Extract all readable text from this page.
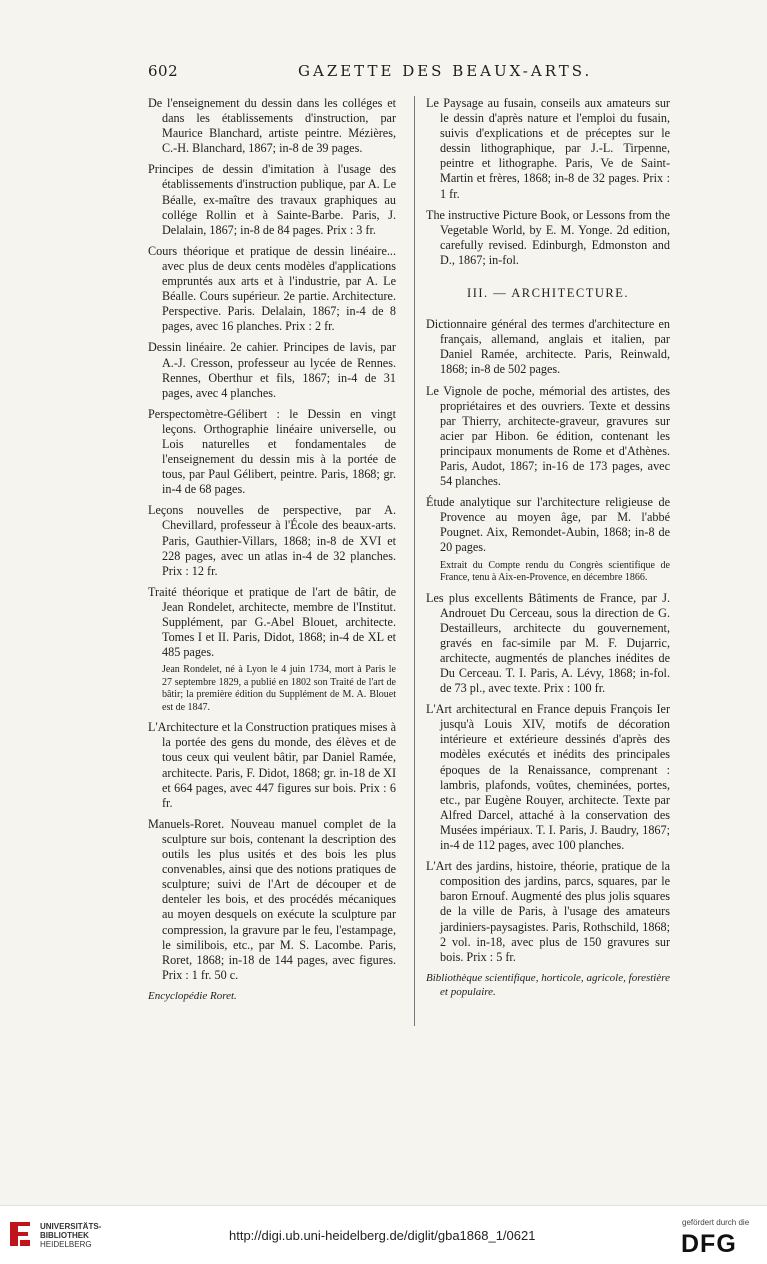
602	GAZETTE DES BEAUX-ARTS.

De l'enseignement du dessin dans les colléges et dans les établissements d'instruction, par Maurice Blanchard, artiste peintre. Mézières, C.-H. Blanchard, 1867; in-8 de 39 pages.

Principes de dessin d'imitation à l'usage des établissements d'instruction publique, par A. Le Béalle, ex-maître des travaux graphiques au collége Rollin et à Sainte-Barbe. Paris, J. Delalain, 1867; in-8 de 84 pages. Prix : 3 fr.

Cours théorique et pratique de dessin linéaire... avec plus de deux cents modèles d'applications empruntés aux arts et à l'industrie, par A. Le Béalle. Cours supérieur. 2e partie. Architecture. Perspective. Paris. Delalain, 1867; in-4 de 8 pages, avec 16 planches. Prix : 2 fr.

Dessin linéaire. 2e cahier. Principes de lavis, par A.-J. Cresson, professeur au lycée de Rennes. Rennes, Oberthur et fils, 1867; in-4 de 31 pages, avec 4 planches.

Perspectomètre-Gélibert : le Dessin en vingt leçons. Orthographie linéaire universelle, ou Lois naturelles et fondamentales de l'enseignement du dessin mis à la portée de tous, par Paul Gélibert, peintre. Paris, 1868; gr. in-4 de 68 pages.

Leçons nouvelles de perspective, par A. Chevillard, professeur à l'École des beaux-arts. Paris, Gauthier-Villars, 1868; in-8 de XVI et 228 pages, avec un atlas in-4 de 32 planches. Prix : 12 fr.

Traité théorique et pratique de l'art de bâtir, de Jean Rondelet, architecte, membre de l'Institut. Supplément, par G.-Abel Blouet, architecte. Tomes I et II. Paris, Didot, 1868; in-4 de XL et 485 pages.

Jean Rondelet, né à Lyon le 4 juin 1734, mort à Paris le 27 septembre 1829, a publié en 1802 son Traité de l'art de bâtir; la première édition du Supplément de M. A. Blouet est de 1847.

L'Architecture et la Construction pratiques mises à la portée des gens du monde, des élèves et de tous ceux qui veulent bâtir, par Daniel Ramée, architecte. Paris, F. Didot, 1868; gr. in-18 de XI et 664 pages, avec 447 figures sur bois. Prix : 6 fr.

Manuels-Roret. Nouveau manuel complet de la sculpture sur bois, contenant la description des outils les plus usités et des bois les plus convenables, ainsi que des notions pratiques de sculpture; suivi de l'Art de découper et de denteler les bois, et des procédés mécaniques au moyen desquels on exécute la sculpture par compression, la gravure par le feu, l'estampage, le similibois, etc., par M. S. Lacombe. Paris, Roret, 1868; in-18 de 144 pages, avec figures. Prix : 1 fr. 50 c.

Encyclopédie Roret.

Le Paysage au fusain, conseils aux amateurs sur le dessin d'après nature et l'emploi du fusain, suivis d'explications et de préceptes sur le dessin lithographique, par J.-L. Tirpenne, peintre et lithographe. Paris, Ve de Saint-Martin et frères, 1868; in-8 de 32 pages. Prix : 1 fr.

The instructive Picture Book, or Lessons from the Vegetable World, by E. M. Yonge. 2d edition, carefully revised. Edinburgh, Edmonston and D., 1867; in-fol.

III. — ARCHITECTURE.

Dictionnaire général des termes d'architecture en français, allemand, anglais et italien, par Daniel Ramée, architecte. Paris, Reinwald, 1868; in-8 de 502 pages.

Le Vignole de poche, mémorial des artistes, des propriétaires et des ouvriers. Texte et dessins par Thierry, architecte-graveur, gravures sur acier par Hibon. 6e édition, contenant les principaux monuments de Rome et d'Athènes. Paris, Audot, 1867; in-16 de 173 pages, avec 54 planches.

Étude analytique sur l'architecture religieuse de Provence au moyen âge, par M. l'abbé Pougnet. Aix, Remondet-Aubin, 1868; in-8 de 20 pages.

Extrait du Compte rendu du Congrès scientifique de France, tenu à Aix-en-Provence, en décembre 1866.

Les plus excellents Bâtiments de France, par J. Androuet Du Cerceau, sous la direction de G. Destailleurs, architecte du gouvernement, gravés en fac-simile par M. F. Dujarric, architecte, augmentés de planches inédites de Du Cerceau. T. I. Paris, A. Lévy, 1868; in-fol. de 73 pl., avec texte. Prix : 100 fr.

L'Art architectural en France depuis François Ier jusqu'à Louis XIV, motifs de décoration intérieure et extérieure dessinés d'après des modèles exécutés et inédits des principales époques de la Renaissance, comprenant : lambris, plafonds, voûtes, cheminées, portes, etc., par Eugène Rouyer, architecte. Texte par Alfred Darcel, attaché à la conservation des Musées impériaux. T. I. Paris, J. Baudry, 1867; in-4 de 112 pages, avec 100 planches.

L'Art des jardins, histoire, théorie, pratique de la composition des jardins, parcs, squares, par le baron Ernouf. Augmenté des plus jolis squares de la ville de Paris, à l'usage des amateurs jardiniers-paysagistes. Paris, Rothschild, 1868; 2 vol. in-18, avec plus de 150 gravures sur bois. Prix : 5 fr.

Bibliothèque scientifique, horticole, agricole, forestière et populaire.

UNIVERSITÄTS-
BIBLIOTHEK
HEIDELBERG
http://digi.ub.uni-heidelberg.de/diglit/gba1868_1/0621
gefördert durch die
DFG
